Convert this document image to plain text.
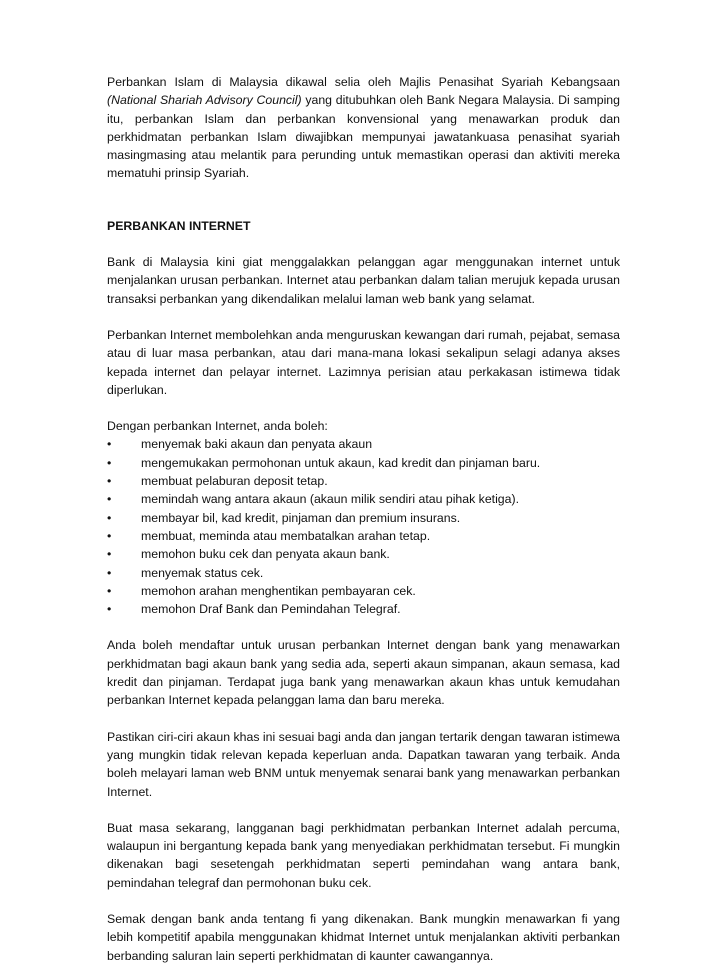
Perbankan Islam di Malaysia dikawal selia oleh Majlis Penasihat Syariah Kebangsaan (National Shariah Advisory Council) yang ditubuhkan oleh Bank Negara Malaysia. Di samping itu, perbankan Islam dan perbankan konvensional yang menawarkan produk dan perkhidmatan perbankan Islam diwajibkan mempunyai jawatankuasa penasihat syariah masingmasing atau melantik para perunding untuk memastikan operasi dan aktiviti mereka mematuhi prinsip Syariah.

PERBANKAN INTERNET

Bank di Malaysia kini giat menggalakkan pelanggan agar menggunakan internet untuk menjalankan urusan perbankan. Internet atau perbankan dalam talian merujuk kepada urusan transaksi perbankan yang dikendalikan melalui laman web bank yang selamat.

Perbankan Internet membolehkan anda menguruskan kewangan dari rumah, pejabat, semasa atau di luar masa perbankan, atau dari mana-mana lokasi sekalipun selagi adanya akses kepada internet dan pelayar internet. Lazimnya perisian atau perkakasan istimewa tidak diperlukan.

Dengan perbankan Internet, anda boleh:

•	menyemak baki akaun dan penyata akaun
•	mengemukakan permohonan untuk akaun, kad kredit dan pinjaman baru.
•	membuat pelaburan deposit tetap.
•	memindah wang antara akaun (akaun milik sendiri atau pihak ketiga).
•	membayar bil, kad kredit, pinjaman dan premium insurans.
•	membuat, meminda atau membatalkan arahan tetap.
•	memohon buku cek dan penyata akaun bank.
•	menyemak status cek.
•	memohon arahan menghentikan pembayaran cek.
•	memohon Draf Bank dan Pemindahan Telegraf.

Anda boleh mendaftar untuk urusan perbankan Internet dengan bank yang menawarkan perkhidmatan bagi akaun bank yang sedia ada, seperti akaun simpanan, akaun semasa, kad kredit dan pinjaman. Terdapat juga bank yang menawarkan akaun khas untuk kemudahan perbankan Internet kepada pelanggan lama dan baru mereka.

Pastikan ciri-ciri akaun khas ini sesuai bagi anda dan jangan tertarik dengan tawaran istimewa yang mungkin tidak relevan kepada keperluan anda. Dapatkan tawaran yang terbaik. Anda boleh melayari laman web BNM untuk menyemak senarai bank yang menawarkan perbankan Internet.

Buat masa sekarang, langganan bagi perkhidmatan perbankan Internet adalah percuma, walaupun ini bergantung kepada bank yang menyediakan perkhidmatan tersebut. Fi mungkin dikenakan bagi sesetengah perkhidmatan seperti pemindahan wang antara bank, pemindahan telegraf dan permohonan buku cek.

Semak dengan bank anda tentang fi yang dikenakan. Bank mungkin menawarkan fi yang lebih kompetitif apabila menggunakan khidmat Internet untuk menjalankan aktiviti perbankan berbanding saluran lain seperti perkhidmatan di kaunter cawangannya.
